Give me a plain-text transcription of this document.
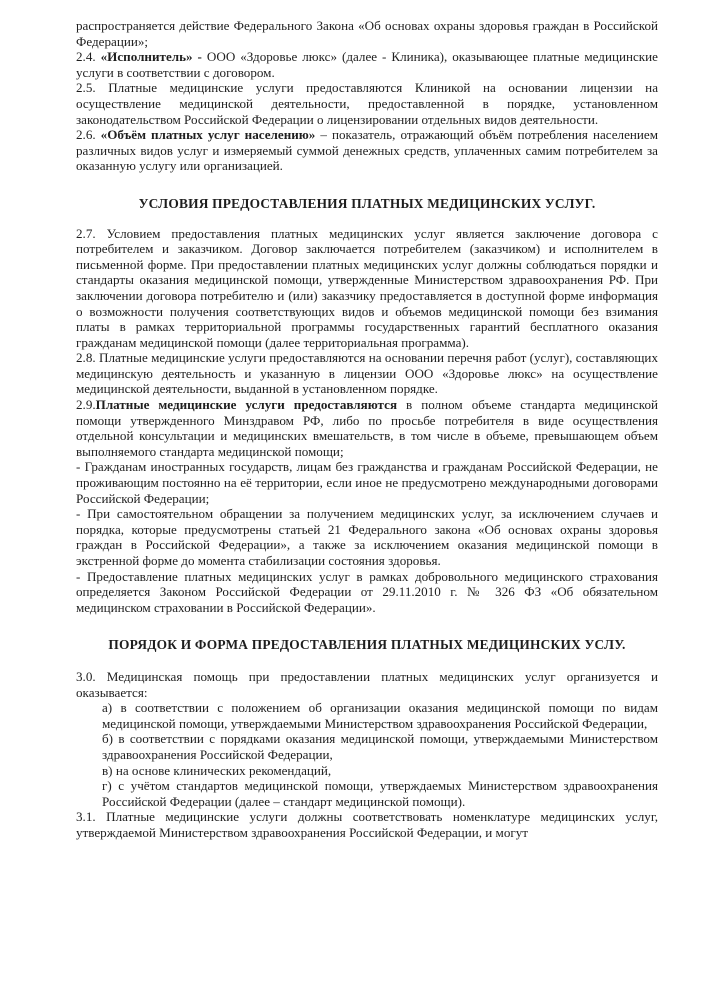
распространяется действие Федерального Закона «Об основах охраны здоровья граждан в Российской Федерации»;

2.4. «Исполнитель» - ООО «Здоровье люкс» (далее - Клиника), оказывающее платные медицинские услуги в соответствии с договором.

2.5. Платные медицинские услуги предоставляются Клиникой на основании лицензии на осуществление медицинской деятельности, предоставленной в порядке, установленном законодательством Российской Федерации о лицензировании отдельных видов деятельности.

2.6. «Объём платных услуг населению» – показатель, отражающий объём потребления населением различных видов услуг и измеряемый суммой денежных средств, уплаченных самим потребителем за оказанную услугу или организацией.

УСЛОВИЯ ПРЕДОСТАВЛЕНИЯ ПЛАТНЫХ МЕДИЦИНСКИХ УСЛУГ.

2.7. Условием предоставления платных медицинских услуг является заключение договора с потребителем и заказчиком. Договор заключается потребителем (заказчиком) и исполнителем в письменной форме. При предоставлении платных медицинских услуг должны соблюдаться порядки и стандарты оказания медицинской помощи, утвержденные Министерством здравоохранения РФ. При заключении договора потребителю и (или) заказчику предоставляется в доступной форме информация о возможности получения соответствующих видов и объемов медицинской помощи без взимания платы в рамках территориальной программы государственных гарантий бесплатного оказания гражданам медицинской помощи (далее территориальная программа).

2.8. Платные медицинские услуги предоставляются на основании перечня работ (услуг), составляющих медицинскую деятельность и указанную в лицензии ООО «Здоровье люкс» на осуществление медицинской деятельности, выданной в установленном порядке.

2.9.Платные медицинские услуги предоставляются в полном объеме стандарта медицинской помощи утвержденного Минздравом РФ, либо по просьбе потребителя в виде осуществления отдельной консультации и медицинских вмешательств, в том числе в объеме, превышающем объем выполняемого стандарта медицинской помощи;

- Гражданам иностранных государств, лицам без гражданства и гражданам Российской Федерации, не проживающим постоянно на её территории, если иное не предусмотрено международными договорами Российской Федерации;

- При самостоятельном обращении за получением медицинских услуг, за исключением случаев и порядка, которые предусмотрены статьей 21 Федерального закона «Об основах охраны здоровья граждан в Российской Федерации», а также за исключением оказания медицинской помощи в экстренной форме до момента стабилизации состояния здоровья.

- Предоставление платных медицинских услуг в рамках добровольного медицинского страхования определяется Законом Российской Федерации от 29.11.2010 г. № 326 ФЗ «Об обязательном медицинском страховании в Российской Федерации».

ПОРЯДОК И ФОРМА ПРЕДОСТАВЛЕНИЯ ПЛАТНЫХ МЕДИЦИНСКИХ УСЛУ.

3.0. Медицинская помощь при предоставлении платных медицинских услуг организуется и оказывается:

а) в соответствии с положением об организации оказания медицинской помощи по видам медицинской помощи, утверждаемыми Министерством здравоохранения Российской Федерации,

б) в соответствии с порядками оказания медицинской помощи, утверждаемыми Министерством здравоохранения Российской Федерации,

в) на основе клинических рекомендаций,

г) с учётом стандартов медицинской помощи, утверждаемых Министерством здравоохранения Российской Федерации (далее – стандарт медицинской помощи).

3.1. Платные медицинские услуги должны соответствовать номенклатуре медицинских услуг, утверждаемой Министерством здравоохранения Российской Федерации, и могут
